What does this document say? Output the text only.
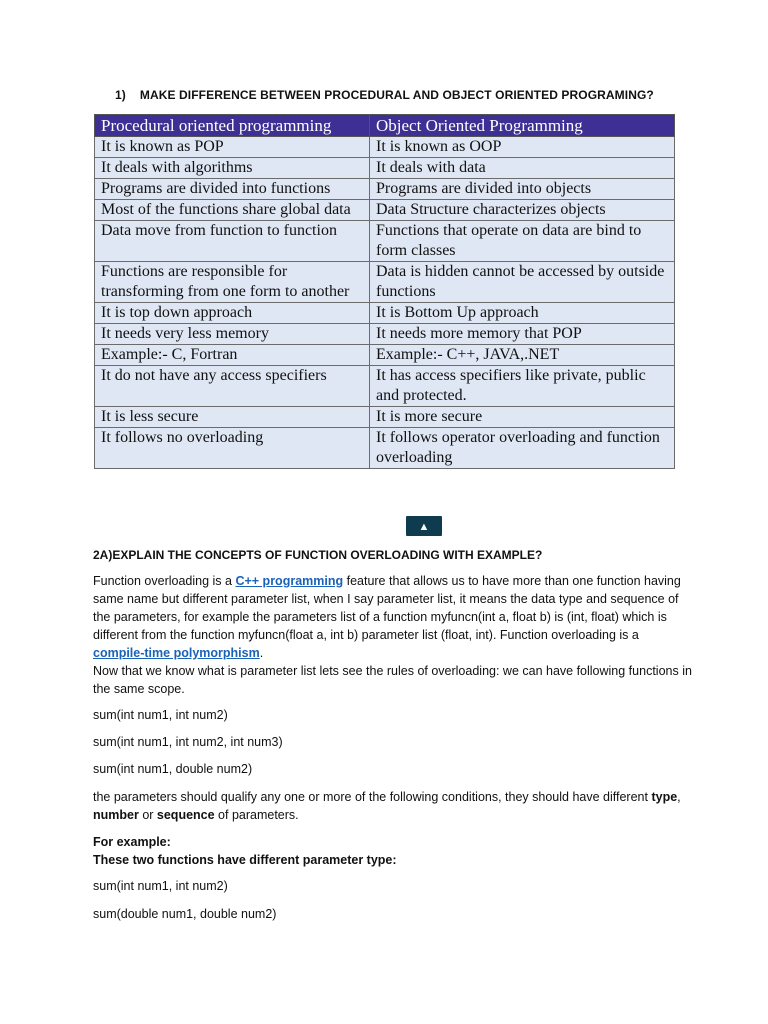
1) MAKE DIFFERENCE BETWEEN PROCEDURAL AND OBJECT ORIENTED PROGRAMING?
Procedural oriented programming	Object Oriented Programming
It is known as POP	It is known as OOP
It deals with algorithms	It deals with data
Programs are divided into functions	Programs are divided into objects
Most of the functions share global data	Data Structure characterizes objects
Data move from function to function	Functions that operate on data are bind to form classes
Functions are responsible for transforming from one form to another	Data is hidden cannot be accessed by outside functions
It is top down approach	It is Bottom Up approach
It needs very less memory	It needs more memory that POP
Example:- C, Fortran	Example:- C++, JAVA,.NET
It do not have any access specifiers	It has access specifiers like private, public and protected.
It is less secure	It is more secure
It follows no overloading	It follows operator overloading and function overloading
▲
2A)EXPLAIN THE CONCEPTS OF FUNCTION OVERLOADING WITH EXAMPLE?

Function overloading is a C++ programming feature that allows us to have more than one function having same name but different parameter list, when I say parameter list, it means the data type and sequence of the parameters, for example the parameters list of a function myfuncn(int a, float b) is (int, float) which is different from the function myfuncn(float a, int b) parameter list (float, int). Function overloading is a compile-time polymorphism.
Now that we know what is parameter list lets see the rules of overloading: we can have following functions in the same scope.

sum(int num1, int num2)

sum(int num1, int num2, int num3)

sum(int num1, double num2)

the parameters should qualify any one or more of the following conditions, they should have different type, number or sequence of parameters.

For example:
These two functions have different parameter type:

sum(int num1, int num2)

sum(double num1, double num2)
